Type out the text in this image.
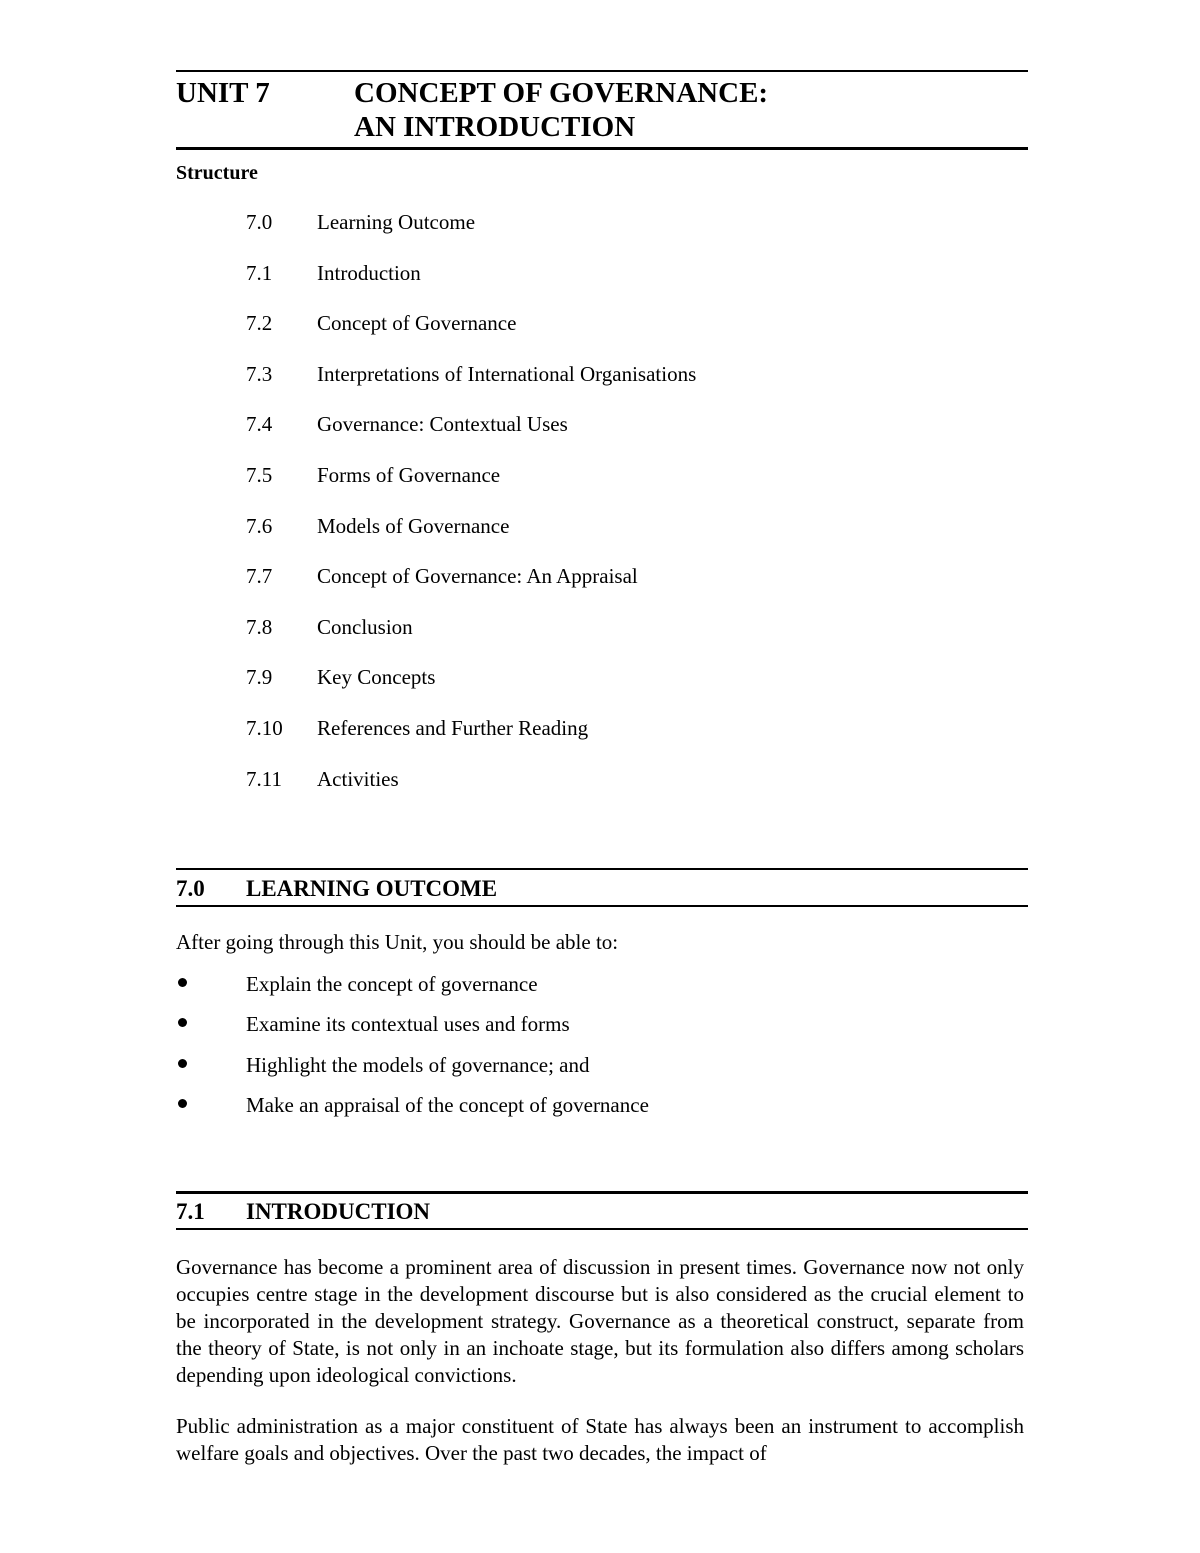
UNIT 7	CONCEPT OF GOVERNANCE:
AN INTRODUCTION
Structure
7.0 Learning Outcome
7.1 Introduction
7.2 Concept of Governance
7.3 Interpretations of International Organisations
7.4 Governance: Contextual Uses
7.5 Forms of Governance
7.6 Models of Governance
7.7 Concept of Governance: An Appraisal
7.8 Conclusion
7.9 Key Concepts
7.10 References and Further Reading
7.11 Activities
7.0 LEARNING OUTCOME
After going through this Unit, you should be able to:
Explain the concept of governance
Examine its contextual uses and forms
Highlight the models of governance; and
Make an appraisal of the concept of governance
7.1 INTRODUCTION

Governance has become a prominent area of discussion in present times. Governance now not only occupies centre stage in the development discourse but is also considered as the crucial element to be incorporated in the development strategy. Governance as a theoretical construct, separate from the theory of State, is not only in an inchoate stage, but its formulation also differs among scholars depending upon ideological convictions.

Public administration as a major constituent of State has always been an instrument to accomplish welfare goals and objectives. Over the past two decades, the impact of
